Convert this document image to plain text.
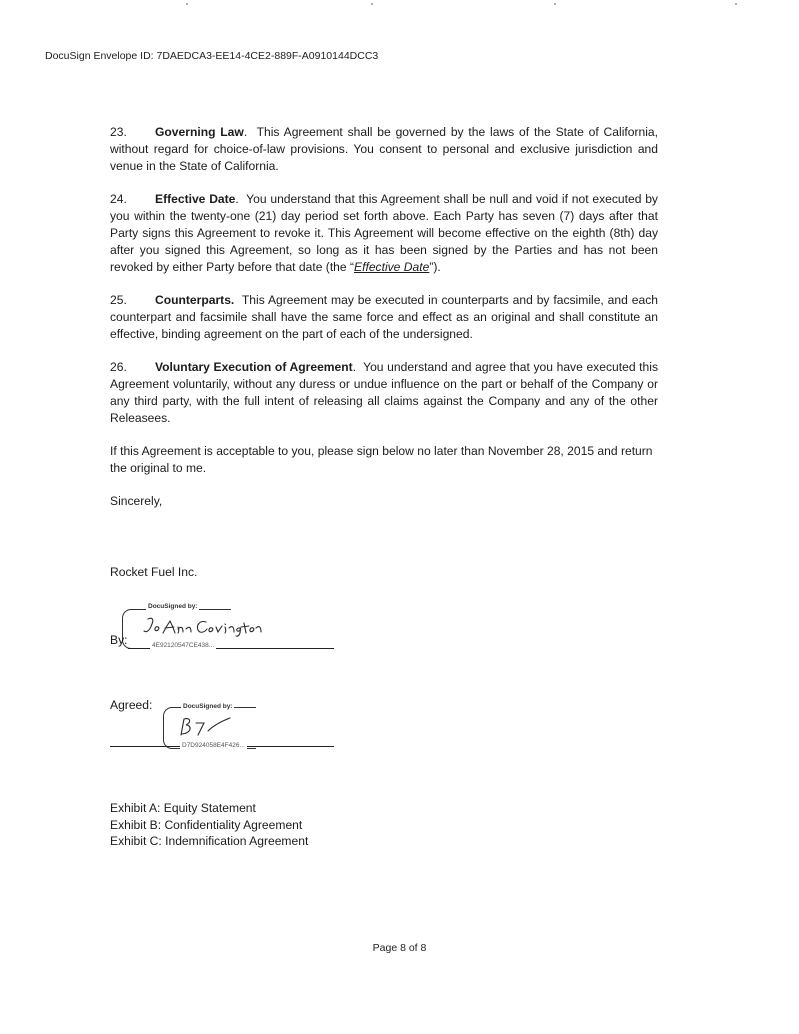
DocuSign Envelope ID: 7DAEDCA3-EE14-4CE2-889F-A0910144DCC3

23. Governing Law. This Agreement shall be governed by the laws of the State of California, without regard for choice-of-law provisions. You consent to personal and exclusive jurisdiction and venue in the State of California.

24. Effective Date. You understand that this Agreement shall be null and void if not executed by you within the twenty-one (21) day period set forth above. Each Party has seven (7) days after that Party signs this Agreement to revoke it. This Agreement will become effective on the eighth (8th) day after you signed this Agreement, so long as it has been signed by the Parties and has not been revoked by either Party before that date (the “Effective Date”).

25. Counterparts. This Agreement may be executed in counterparts and by facsimile, and each counterpart and facsimile shall have the same force and effect as an original and shall constitute an effective, binding agreement on the part of each of the undersigned.

26. Voluntary Execution of Agreement. You understand and agree that you have executed this Agreement voluntarily, without any duress or undue influence on the part or behalf of the Company or any third party, with the full intent of releasing all claims against the Company and any of the other Releasees.

If this Agreement is acceptable to you, please sign below no later than November 28, 2015 and return the original to me.

Sincerely,

Rocket Fuel Inc.
DocuSigned by:
By:	4E92120547CE438...
Agreed:	DocuSigned by:
D7D924058E4F426...
Exhibit A: Equity Statement
Exhibit B: Confidentiality Agreement
Exhibit C: Indemnification Agreement
Page 8 of 8
